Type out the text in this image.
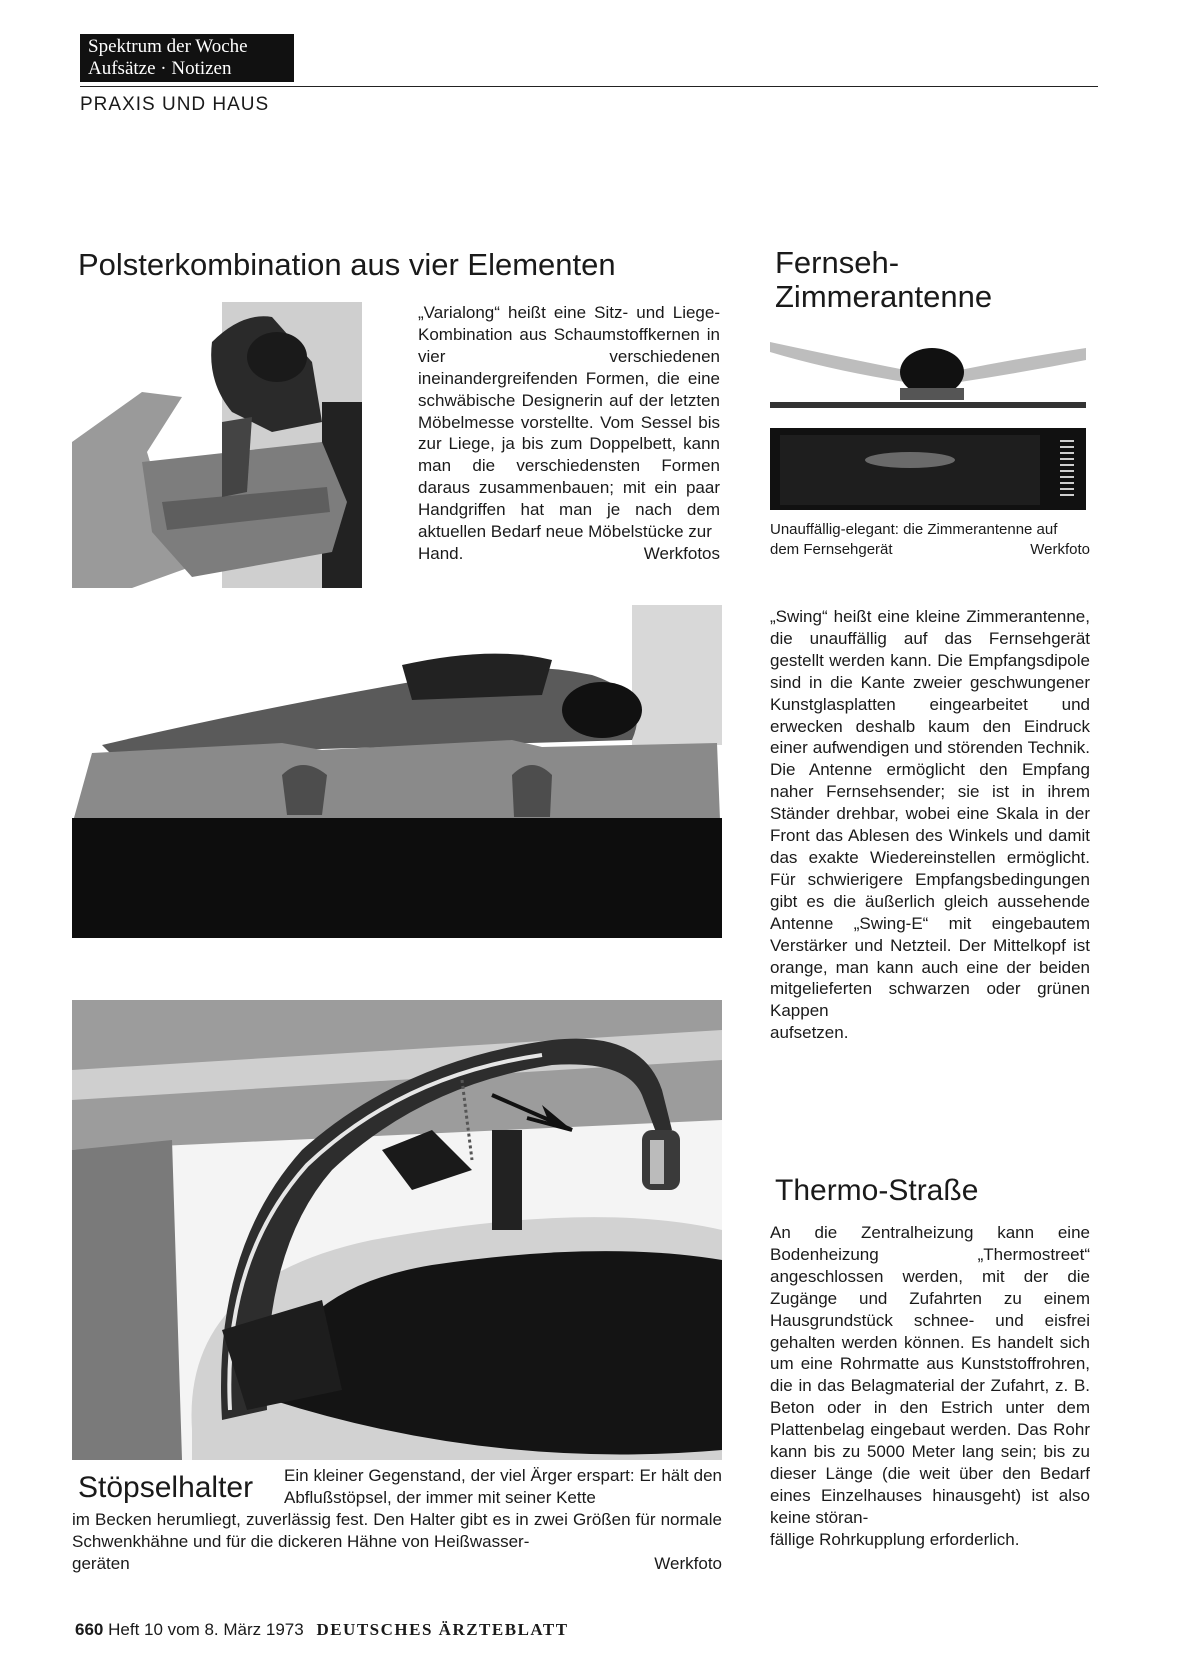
Spektrum der Woche
Aufsätze · Notizen
PRAXIS UND HAUS
Polsterkombination aus vier Elementen
„Varialong“ heißt eine Sitz- und Liege-Kombination aus Schaumstoffkernen in vier verschiedenen ineinandergreifenden Formen, die eine schwäbische Designerin auf der letzten Möbelmesse vorstellte. Vom Sessel bis zur Liege, ja bis zum Doppelbett, kann man die verschiedensten Formen daraus zusammenbauen; mit ein paar Handgriffen hat man je nach dem aktuellen Bedarf neue Möbelstücke zur
Hand.	Werkfotos
Fernseh-
Zimmerantenne
Unauffällig-elegant: die Zimmerantenne auf dem Fernsehgerät	Werkfoto
„Swing“ heißt eine kleine Zimmerantenne, die unauffällig auf das Fernsehgerät gestellt werden kann. Die Empfangsdipole sind in die Kante zweier geschwungener Kunstglasplatten eingearbeitet und erwecken deshalb kaum den Eindruck einer aufwendigen und störenden Technik. Die Antenne ermöglicht den Empfang naher Fernsehsender; sie ist in ihrem Ständer drehbar, wobei eine Skala in der Front das Ablesen des Winkels und damit das exakte Wiedereinstellen ermöglicht. Für schwierigere Empfangsbedingungen gibt es die äußerlich gleich aussehende Antenne „Swing-E“ mit eingebautem Verstärker und Netzteil. Der Mittelkopf ist orange, man kann auch eine der beiden mitgelieferten schwarzen oder grünen Kappen
aufsetzen.
Thermo-Straße
An die Zentralheizung kann eine Bodenheizung „Thermostreet“ angeschlossen werden, mit der die Zugänge und Zufahrten zu einem Hausgrundstück schnee- und eisfrei gehalten werden können. Es handelt sich um eine Rohrmatte aus Kunststoffrohren, die in das Belagmaterial der Zufahrt, z. B. Beton oder in den Estrich unter dem Plattenbelag eingebaut werden. Das Rohr kann bis zu 5000 Meter lang sein; bis zu dieser Länge (die weit über den Bedarf eines Einzelhauses hinausgeht) ist also keine störan-
fällige Rohrkupplung erforderlich.
Stöpselhalter Ein kleiner Gegenstand, der viel Ärger erspart: Er hält den Abflußstöpsel, der immer mit seiner Kette
im Becken herumliegt, zuverlässig fest. Den Halter gibt es in zwei Größen für normale Schwenkhähne und für die dickeren Hähne von Heißwasser-
geräten	Werkfoto
660 Heft 10 vom 8. März 1973 DEUTSCHES ÄRZTEBLATT
